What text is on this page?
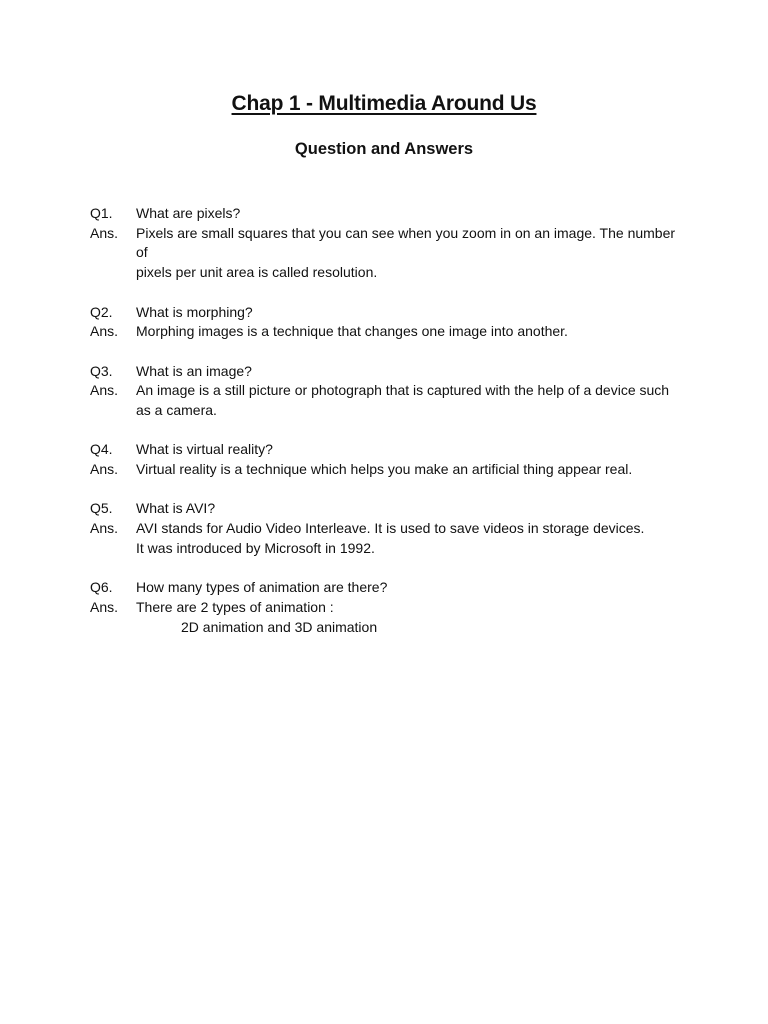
Chap 1 - Multimedia Around Us
Question and Answers
Q1.	What are pixels?
Ans.	Pixels are small squares that you can see when you zoom in on an image. The number of
pixels per unit area is called resolution.
Q2.	What is morphing?
Ans.	Morphing images is a technique that changes one image into another.
Q3.	What is an image?
Ans.	An image is a still picture or photograph that is captured with the help of a device such
as a camera.
Q4.	What is virtual reality?
Ans.	Virtual reality is a technique which helps you make an artificial thing appear real.
Q5.	What is AVI?
Ans.	AVI stands for Audio Video Interleave. It is used to save videos in storage devices.
It was introduced by Microsoft in 1992.
Q6.	How many types of animation are there?
Ans.	There are 2 types of animation :
2D animation and 3D animation
